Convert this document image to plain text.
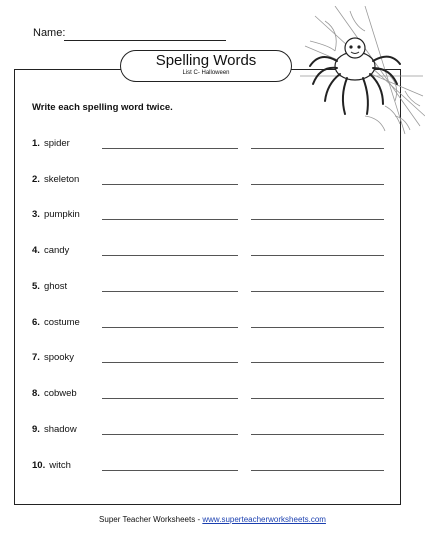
Name:
Spelling Words
List C- Halloween
Write each spelling word twice.
1. spider
2. skeleton
3. pumpkin
4. candy
5. ghost
6. costume
7. spooky
8. cobweb
9. shadow
10. witch
Super Teacher Worksheets - www.superteacherworksheets.com
